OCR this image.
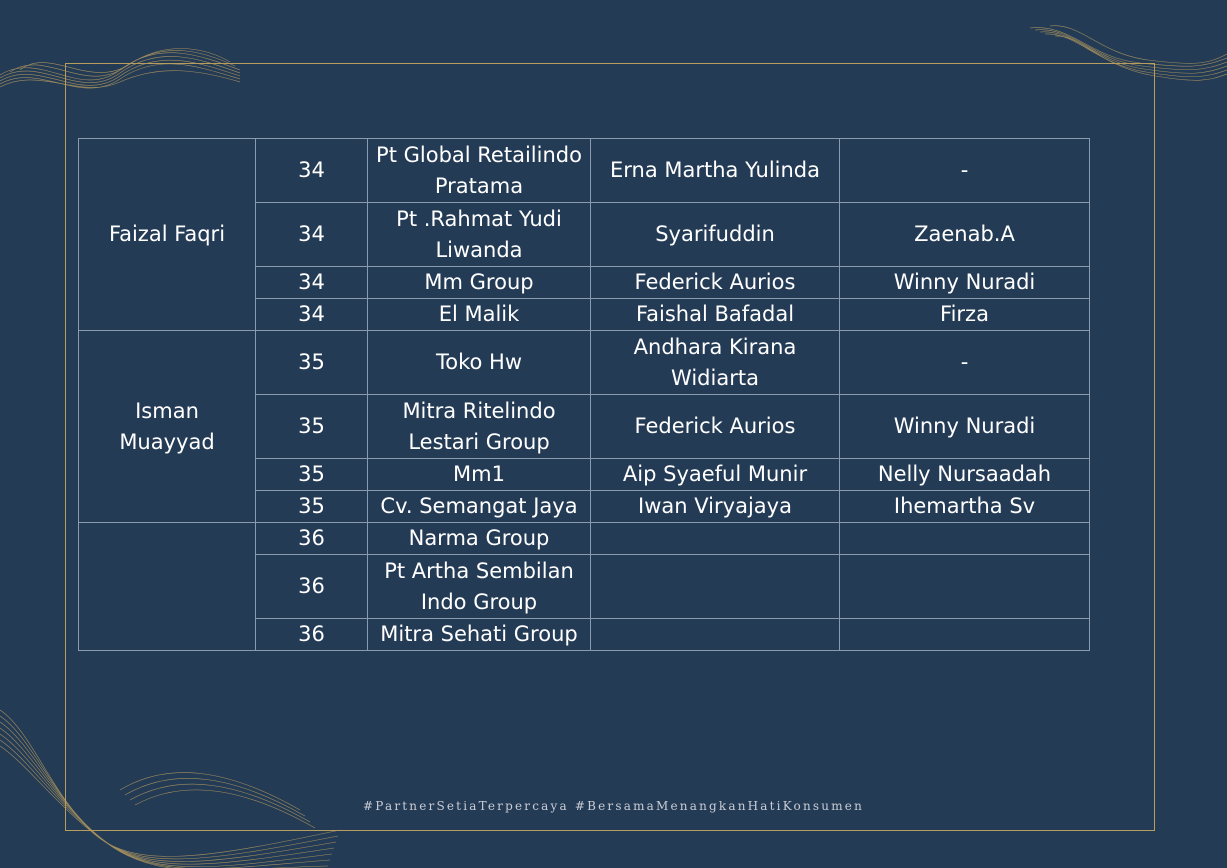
Faizal Faqri	34	Pt Global Retailindo Pratama	Erna Martha Yulinda	-
	34	Pt .Rahmat Yudi Liwanda	Syarifuddin	Zaenab.A
	34	Mm Group	Federick Aurios	Winny Nuradi
	34	El Malik	Faishal Bafadal	Firza
Isman Muayyad	35	Toko Hw	Andhara Kirana Widiarta	-
	35	Mitra Ritelindo Lestari Group	Federick Aurios	Winny Nuradi
	35	Mm1	Aip Syaeful Munir	Nelly Nursaadah
	35	Cv. Semangat Jaya	Iwan Viryajaya	Ihemartha Sv
	36	Narma Group		
	36	Pt Artha Sembilan Indo Group		
	36	Mitra Sehati Group		
#PartnerSetiaTerpercaya #BersamaMenangkanHatiKonsumen
